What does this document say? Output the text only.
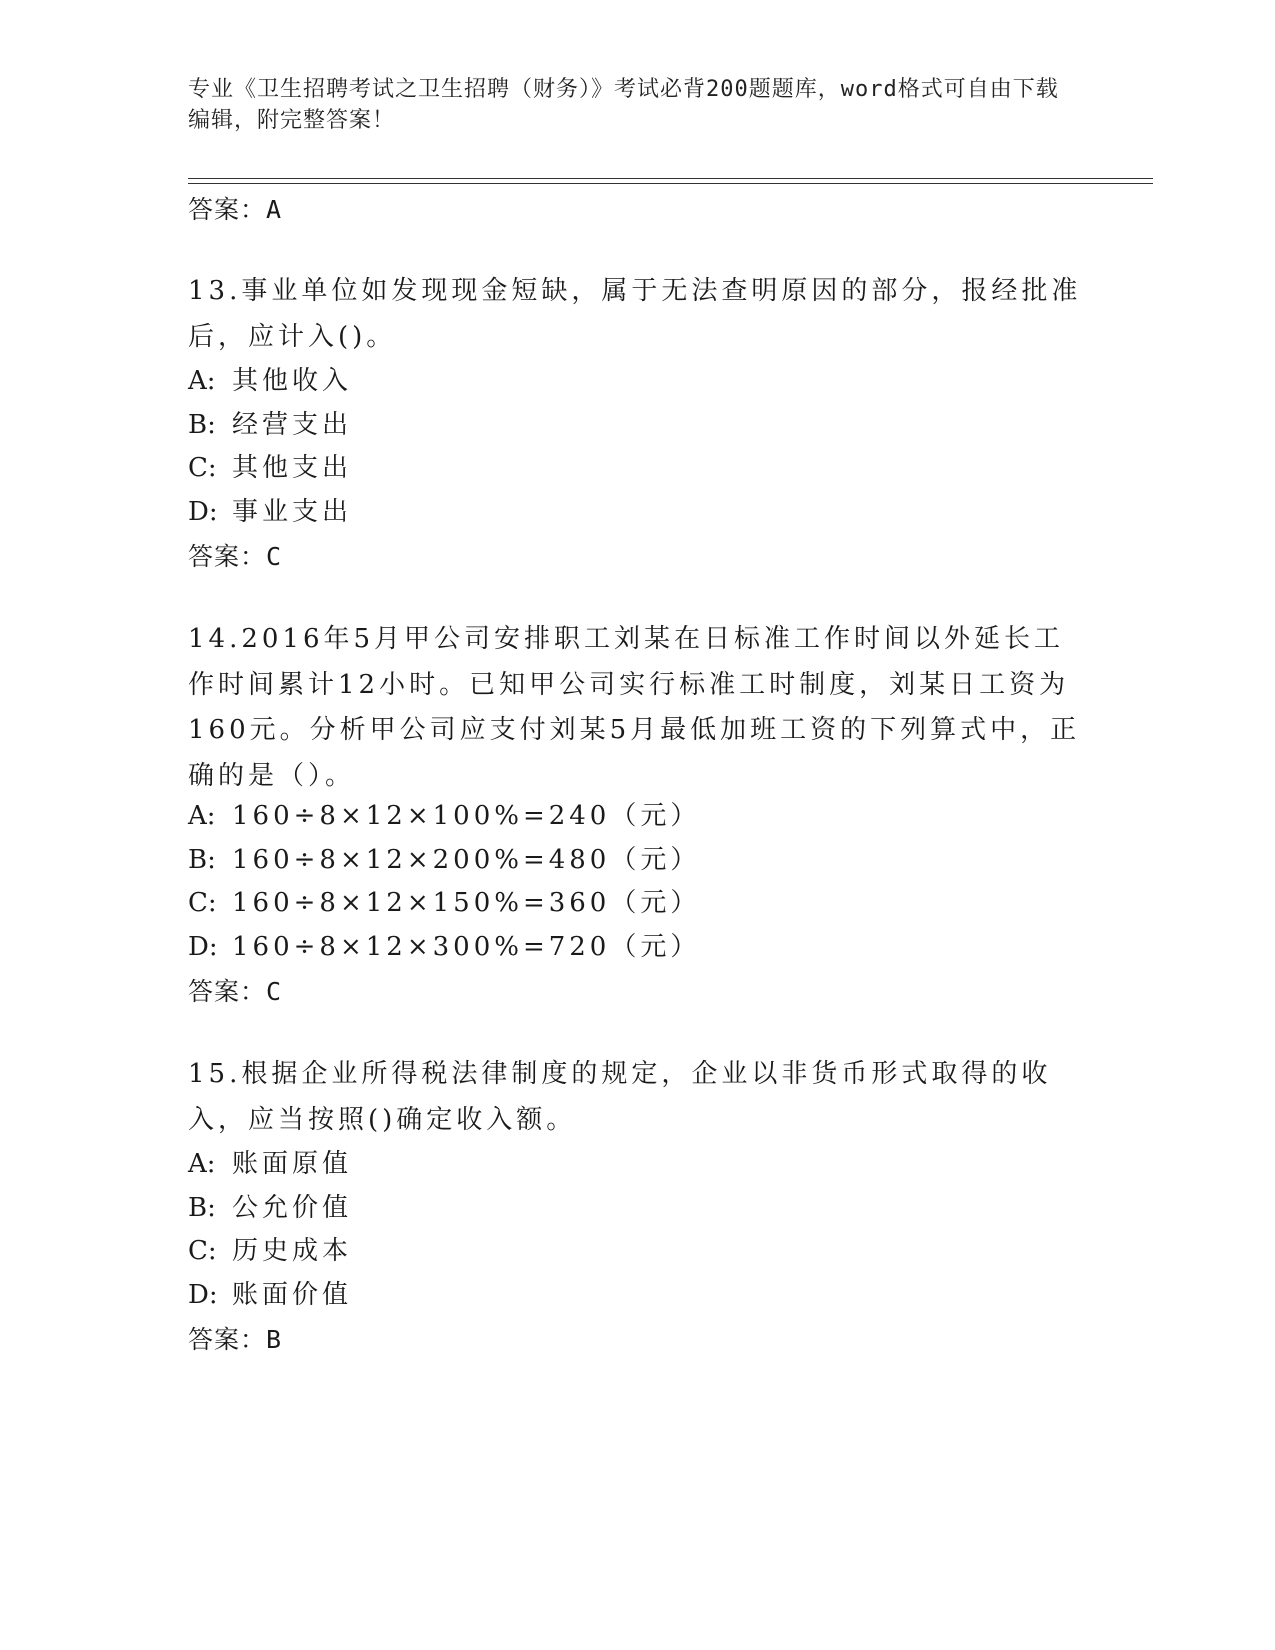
专业《卫生招聘考试之卫生招聘（财务）》考试必背200题题库，word格式可自由下载编辑，附完整答案！
答案：A
13.事业单位如发现现金短缺，属于无法查明原因的部分，报经批准后，应计入()。
A: 其他收入
B: 经营支出
C: 其他支出
D: 事业支出
答案：C
14.2016年5月甲公司安排职工刘某在日标准工作时间以外延长工作时间累计12小时。已知甲公司实行标准工时制度，刘某日工资为160元。分析甲公司应支付刘某5月最低加班工资的下列算式中，正确的是（）。
A: 160÷8×12×100%=240（元）
B: 160÷8×12×200%=480（元）
C: 160÷8×12×150%=360（元）
D: 160÷8×12×300%=720（元）
答案：C
15.根据企业所得税法律制度的规定，企业以非货币形式取得的收入，应当按照()确定收入额。
A: 账面原值
B: 公允价值
C: 历史成本
D: 账面价值
答案：B
